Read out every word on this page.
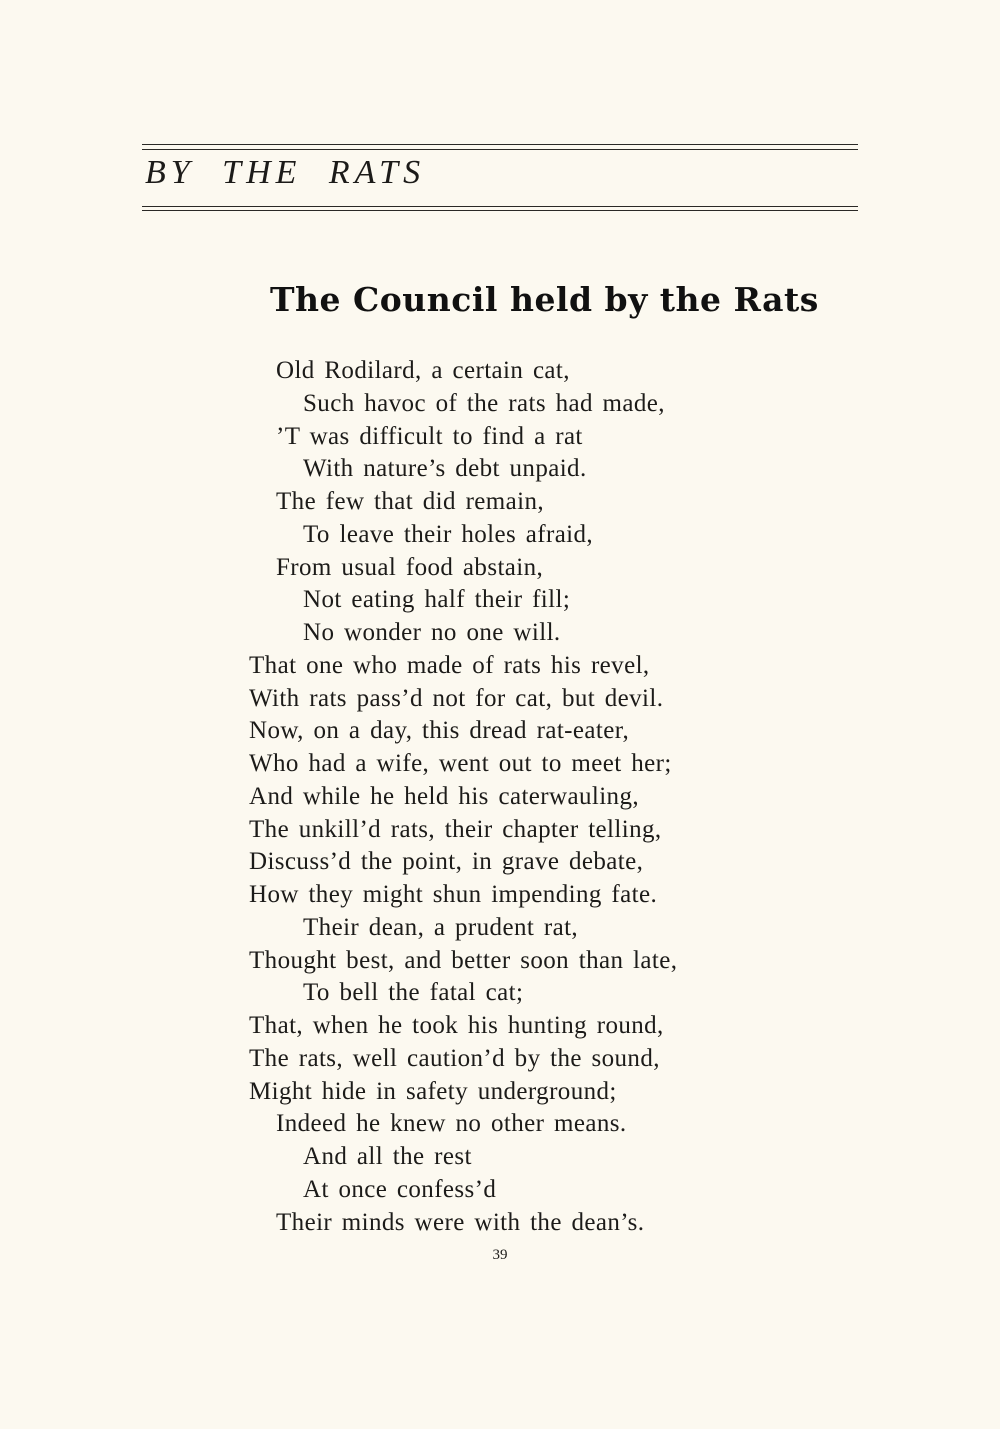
BY THE RATS
The Council held by the Rats
Old Rodilard, a certain cat,
Such havoc of the rats had made,
’T was difficult to find a rat
With nature’s debt unpaid.
The few that did remain,
To leave their holes afraid,
From usual food abstain,
Not eating half their fill;
No wonder no one will.
That one who made of rats his revel,
With rats pass’d not for cat, but devil.
Now, on a day, this dread rat-eater,
Who had a wife, went out to meet her;
And while he held his caterwauling,
The unkill’d rats, their chapter telling,
Discuss’d the point, in grave debate,
How they might shun impending fate.
Their dean, a prudent rat,
Thought best, and better soon than late,
To bell the fatal cat;
That, when he took his hunting round,
The rats, well caution’d by the sound,
Might hide in safety underground;
Indeed he knew no other means.
And all the rest
At once confess’d
Their minds were with the dean’s.
39
